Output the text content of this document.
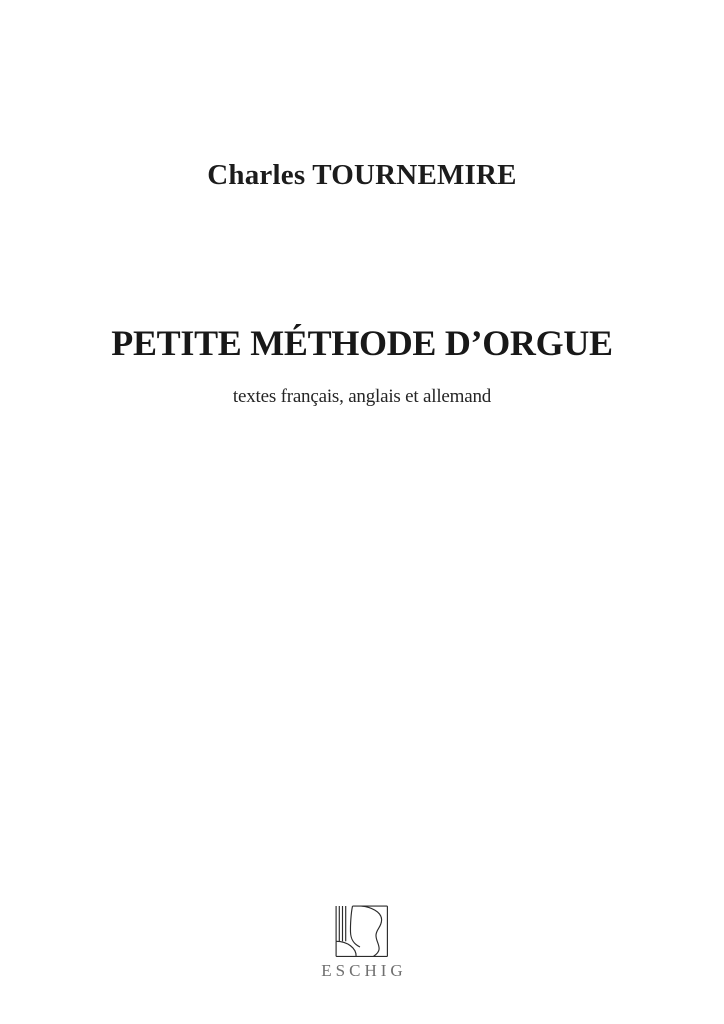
Charles TOURNEMIRE
PETITE MÉTHODE D’ORGUE
textes français, anglais et allemand
ESCHIG
